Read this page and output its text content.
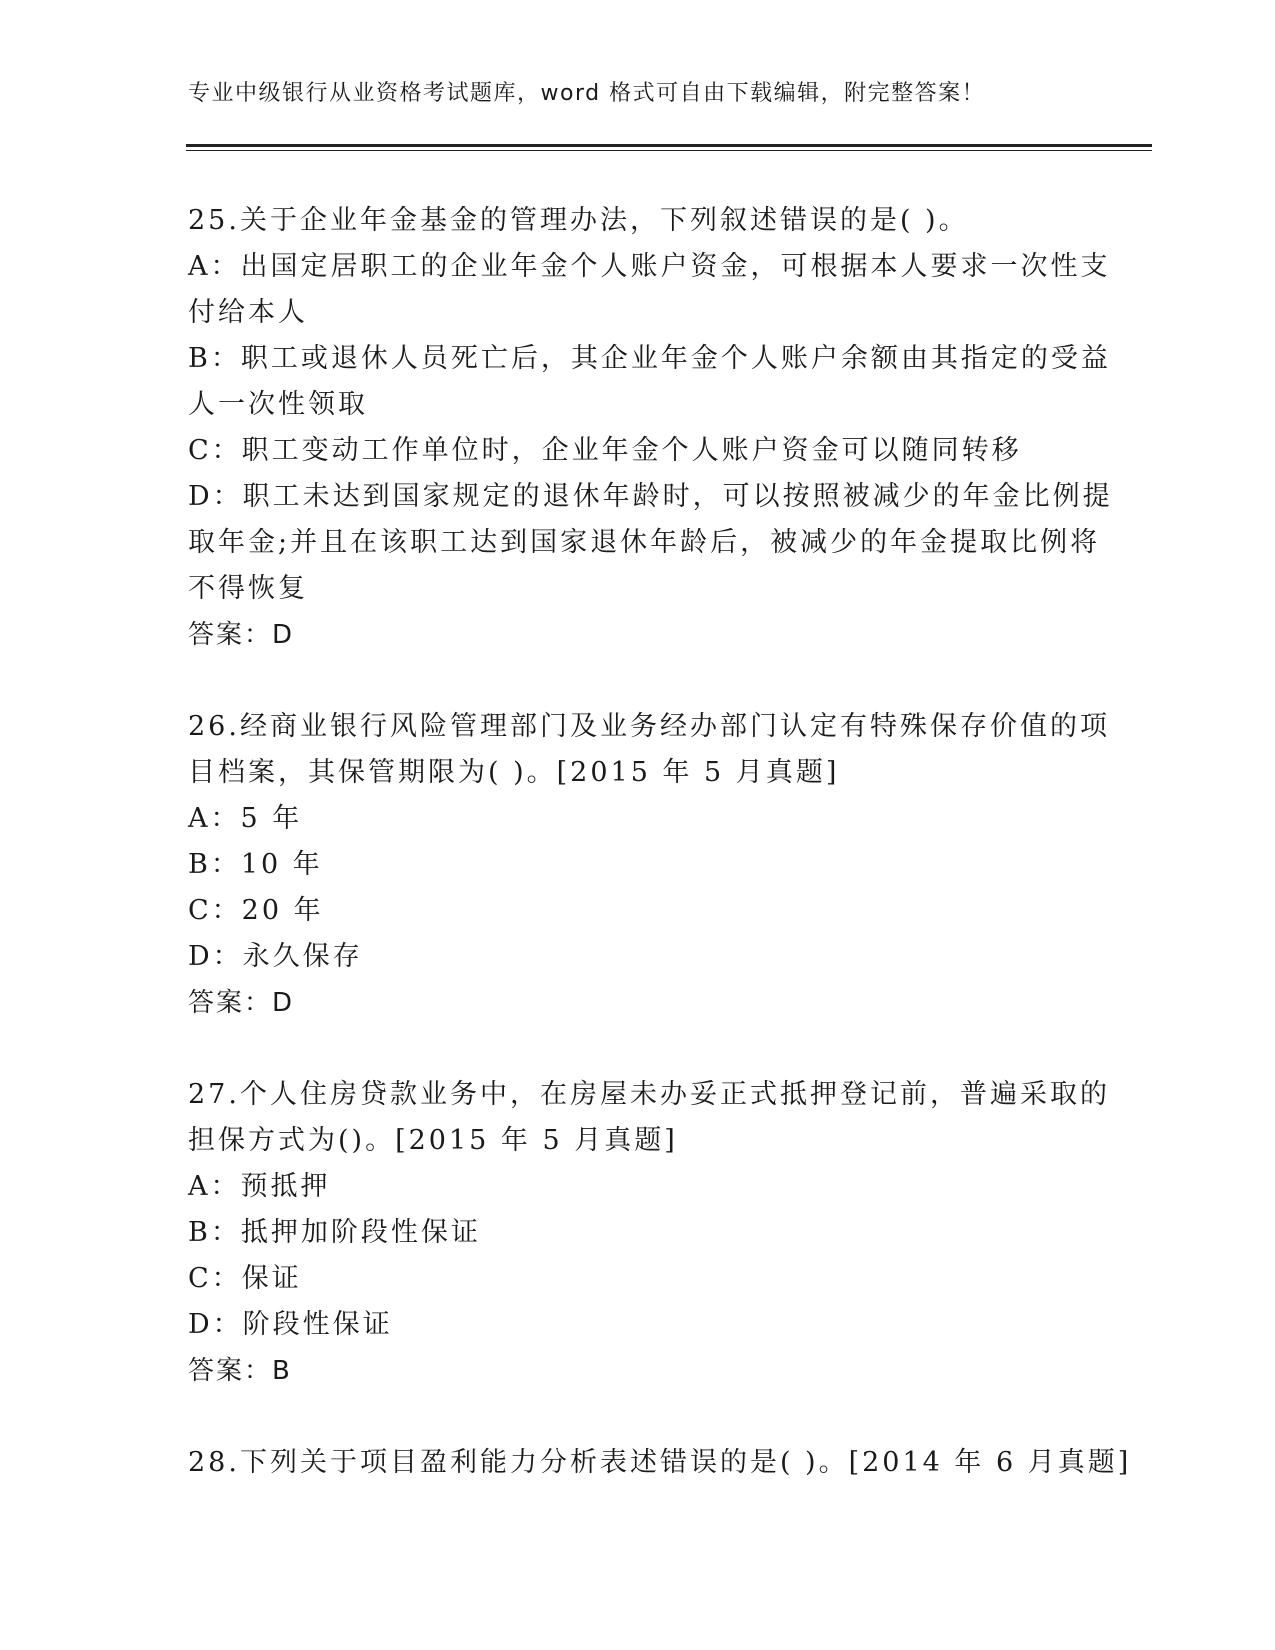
专业中级银行从业资格考试题库，word 格式可自由下载编辑，附完整答案！
25.关于企业年金基金的管理办法，下列叙述错误的是( )。
A：出国定居职工的企业年金个人账户资金，可根据本人要求一次性支
付给本人
B：职工或退休人员死亡后，其企业年金个人账户余额由其指定的受益
人一次性领取
C：职工变动工作单位时，企业年金个人账户资金可以随同转移
D：职工未达到国家规定的退休年龄时，可以按照被减少的年金比例提
取年金;并且在该职工达到国家退休年龄后，被减少的年金提取比例将
不得恢复
答案：D
26.经商业银行风险管理部门及业务经办部门认定有特殊保存价值的项
目档案，其保管期限为( )。[2015 年 5 月真题]
A：5 年
B：10 年
C：20 年
D：永久保存
答案：D
27.个人住房贷款业务中，在房屋未办妥正式抵押登记前，普遍采取的
担保方式为()。[2015 年 5 月真题]
A：预抵押
B：抵押加阶段性保证
C：保证
D：阶段性保证
答案：B
28.下列关于项目盈利能力分析表述错误的是( )。[2014 年 6 月真题]
